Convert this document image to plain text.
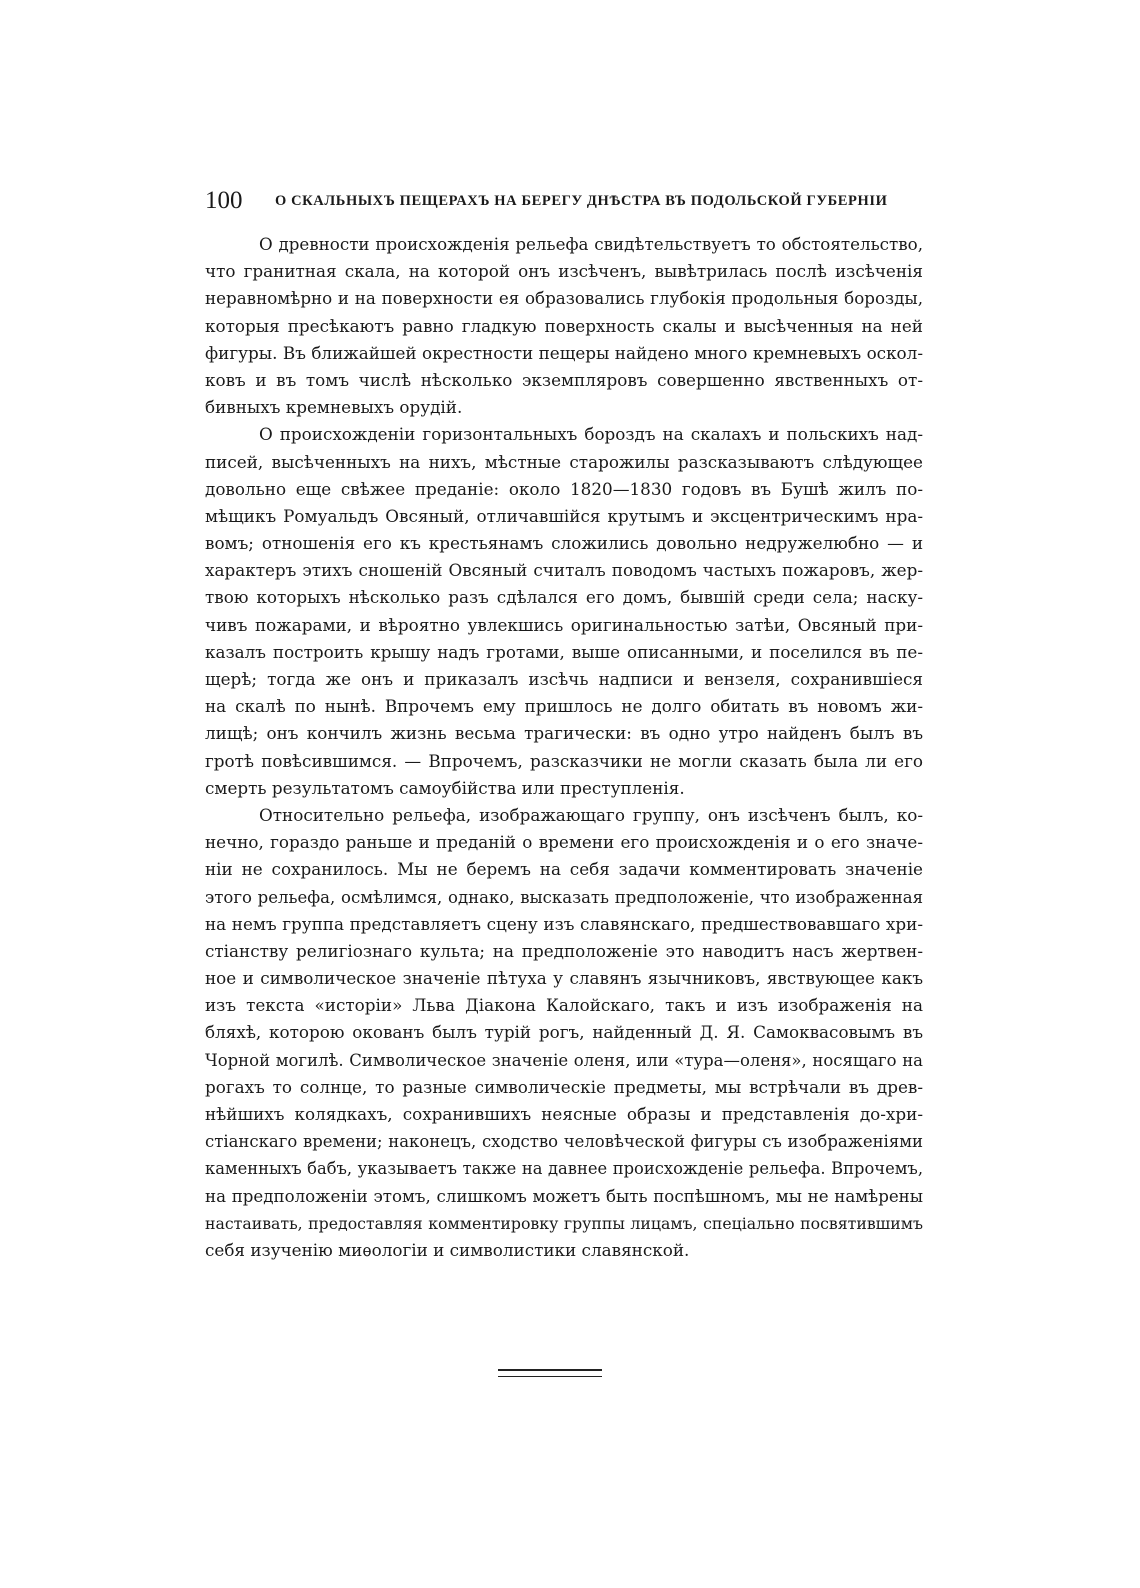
100 О СКАЛЬНЫХЪ ПЕЩЕРАХЪ НА БЕРЕГУ ДНѢСТРА ВЪ ПОДОЛЬСКОЙ ГУБЕРНІИ
О древности происхожденія рельефа свидѣтельствуетъ то обстоятельство,
что гранитная скала, на которой онъ изсѣченъ, вывѣтрилась послѣ изсѣченія
неравномѣрно и на поверхности ея образовались глубокія продольныя борозды,
которыя пресѣкаютъ равно гладкую поверхность скалы и высѣченныя на ней
фигуры. Въ ближайшей окрестности пещеры найдено много кремневыхъ оскол-
ковъ и въ томъ числѣ нѣсколько экземпляровъ совершенно явственныхъ от-
бивныхъ кремневыхъ орудій.
О происхожденіи горизонтальныхъ бороздъ на скалахъ и польскихъ над-
писей, высѣченныхъ на нихъ, мѣстные старожилы разсказываютъ слѣдующее
довольно еще свѣжее преданіе: около 1820—1830 годовъ въ Бушѣ жилъ по-
мѣщикъ Ромуальдъ Овсяный, отличавшійся крутымъ и эксцентрическимъ нра-
вомъ; отношенія его къ крестьянамъ сложились довольно недружелюбно — и
характеръ этихъ сношеній Овсяный считалъ поводомъ частыхъ пожаровъ, жер-
твою которыхъ нѣсколько разъ сдѣлался его домъ, бывшій среди села; наску-
чивъ пожарами, и вѣроятно увлекшись оригинальностью затѣи, Овсяный при-
казалъ построить крышу надъ гротами, выше описанными, и поселился въ пе-
щерѣ; тогда же онъ и приказалъ изсѣчь надписи и вензеля, сохранившіеся
на скалѣ по нынѣ. Впрочемъ ему пришлось не долго обитать въ новомъ жи-
лищѣ; онъ кончилъ жизнь весьма трагически: въ одно утро найденъ былъ въ
гротѣ повѣсившимся. — Впрочемъ, разсказчики не могли сказать была ли его
смерть результатомъ самоубійства или преступленія.
Относительно рельефа, изображающаго группу, онъ изсѣченъ былъ, ко-
нечно, гораздо раньше и преданій о времени его происхожденія и о его значе-
ніи не сохранилось. Мы не беремъ на себя задачи комментировать значеніе
этого рельефа, осмѣлимся, однако, высказать предположеніе, что изображенная
на немъ группа представляетъ сцену изъ славянскаго, предшествовавшаго хри-
стіанству религіознаго культа; на предположеніе это наводитъ насъ жертвен-
ное и символическое значеніе пѣтуха у славянъ язычниковъ, явствующее какъ
изъ текста «исторіи» Льва Діакона Калойскаго, такъ и изъ изображенія на
бляхѣ, которою окованъ былъ турій рогъ, найденный Д. Я. Самоквасовымъ въ
Чорной могилѣ. Символическое значеніе оленя, или «тура—оленя», носящаго на
рогахъ то солнце, то разные символическіе предметы, мы встрѣчали въ древ-
нѣйшихъ колядкахъ, сохранившихъ неясные образы и представленія до-хри-
стіанскаго времени; наконецъ, сходство человѣческой фигуры съ изображеніями
каменныхъ бабъ, указываетъ также на давнее происхожденіе рельефа. Впрочемъ,
на предположеніи этомъ, слишкомъ можетъ быть поспѣшномъ, мы не намѣрены
настаивать, предоставляя комментировку группы лицамъ, спеціально посвятившимъ
себя изученію миѳологіи и символистики славянской.
